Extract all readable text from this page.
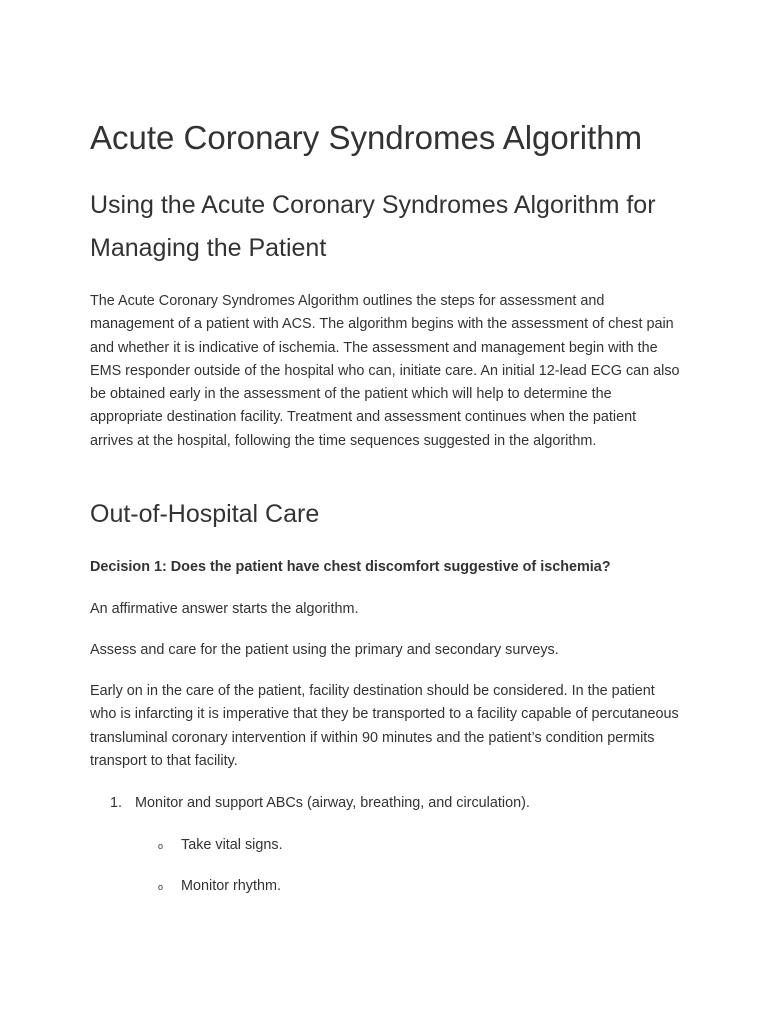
Acute Coronary Syndromes Algorithm
Using the Acute Coronary Syndromes Algorithm for Managing the Patient

The Acute Coronary Syndromes Algorithm outlines the steps for assessment and management of a patient with ACS. The algorithm begins with the assessment of chest pain and whether it is indicative of ischemia. The assessment and management begin with the EMS responder outside of the hospital who can, initiate care. An initial 12-lead ECG can also be obtained early in the assessment of the patient which will help to determine the appropriate destination facility. Treatment and assessment continues when the patient arrives at the hospital, following the time sequences suggested in the algorithm.

Out-of-Hospital Care

Decision 1: Does the patient have chest discomfort suggestive of ischemia?

An affirmative answer starts the algorithm.

Assess and care for the patient using the primary and secondary surveys.

Early on in the care of the patient, facility destination should be considered. In the patient who is infarcting it is imperative that they be transported to a facility capable of percutaneous transluminal coronary intervention if within 90 minutes and the patient’s condition permits transport to that facility.

1. Monitor and support ABCs (airway, breathing, and circulation).
o Take vital signs.
o Monitor rhythm.
